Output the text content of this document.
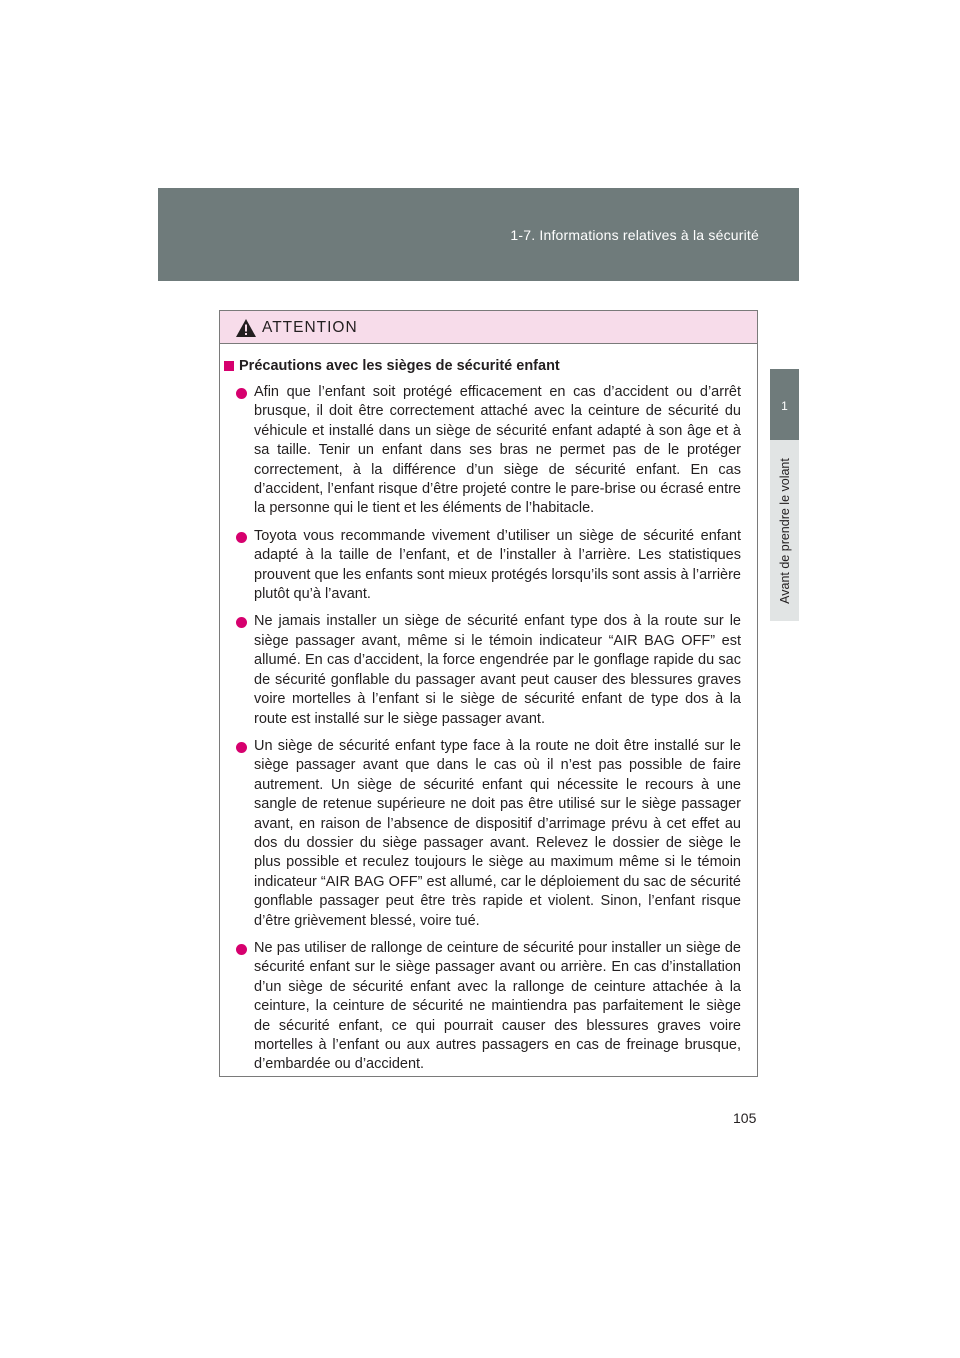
1-7. Informations relatives à la sécurité
1
Avant de prendre le volant
ATTENTION
Précautions avec les sièges de sécurité enfant

Afin que l’enfant soit protégé efficacement en cas d’accident ou d’arrêt brusque, il doit être correctement attaché avec la ceinture de sécurité du véhicule et installé dans un siège de sécurité enfant adapté à son âge et à sa taille. Tenir un enfant dans ses bras ne permet pas de le protéger correctement, à la différence d’un siège de sécurité enfant. En cas d’accident, l’enfant risque d’être projeté contre le pare-brise ou écrasé entre la personne qui le tient et les éléments de l’habitacle.

Toyota vous recommande vivement d’utiliser un siège de sécurité enfant adapté à la taille de l’enfant, et de l’installer à l’arrière. Les statistiques prouvent que les enfants sont mieux protégés lorsqu’ils sont assis à l’arrière plutôt qu’à l’avant.

Ne jamais installer un siège de sécurité enfant type dos à la route sur le siège passager avant, même si le témoin indicateur “AIR BAG OFF” est allumé. En cas d’accident, la force engendrée par le gonflage rapide du sac de sécurité gonflable du passager avant peut causer des blessures graves voire mortelles à l’enfant si le siège de sécurité enfant de type dos à la route est installé sur le siège passager avant.

Un siège de sécurité enfant type face à la route ne doit être installé sur le siège passager avant que dans le cas où il n’est pas possible de faire autrement. Un siège de sécurité enfant qui nécessite le recours à une sangle de retenue supérieure ne doit pas être utilisé sur le siège passager avant, en raison de l’absence de dispositif d’arrimage prévu à cet effet au dos du dossier du siège passager avant. Relevez le dossier de siège le plus possible et reculez toujours le siège au maximum même si le témoin indicateur “AIR BAG OFF” est allumé, car le déploiement du sac de sécurité gonflable passager peut être très rapide et violent. Sinon, l’enfant risque d’être grièvement blessé, voire tué.

Ne pas utiliser de rallonge de ceinture de sécurité pour installer un siège de sécurité enfant sur le siège passager avant ou arrière. En cas d’installation d’un siège de sécurité enfant avec la rallonge de ceinture attachée à la ceinture, la ceinture de sécurité ne maintiendra pas parfaitement le siège de sécurité enfant, ce qui pourrait causer des blessures graves voire mortelles à l’enfant ou aux autres passagers en cas de freinage brusque, d’embardée ou d’accident.

105
